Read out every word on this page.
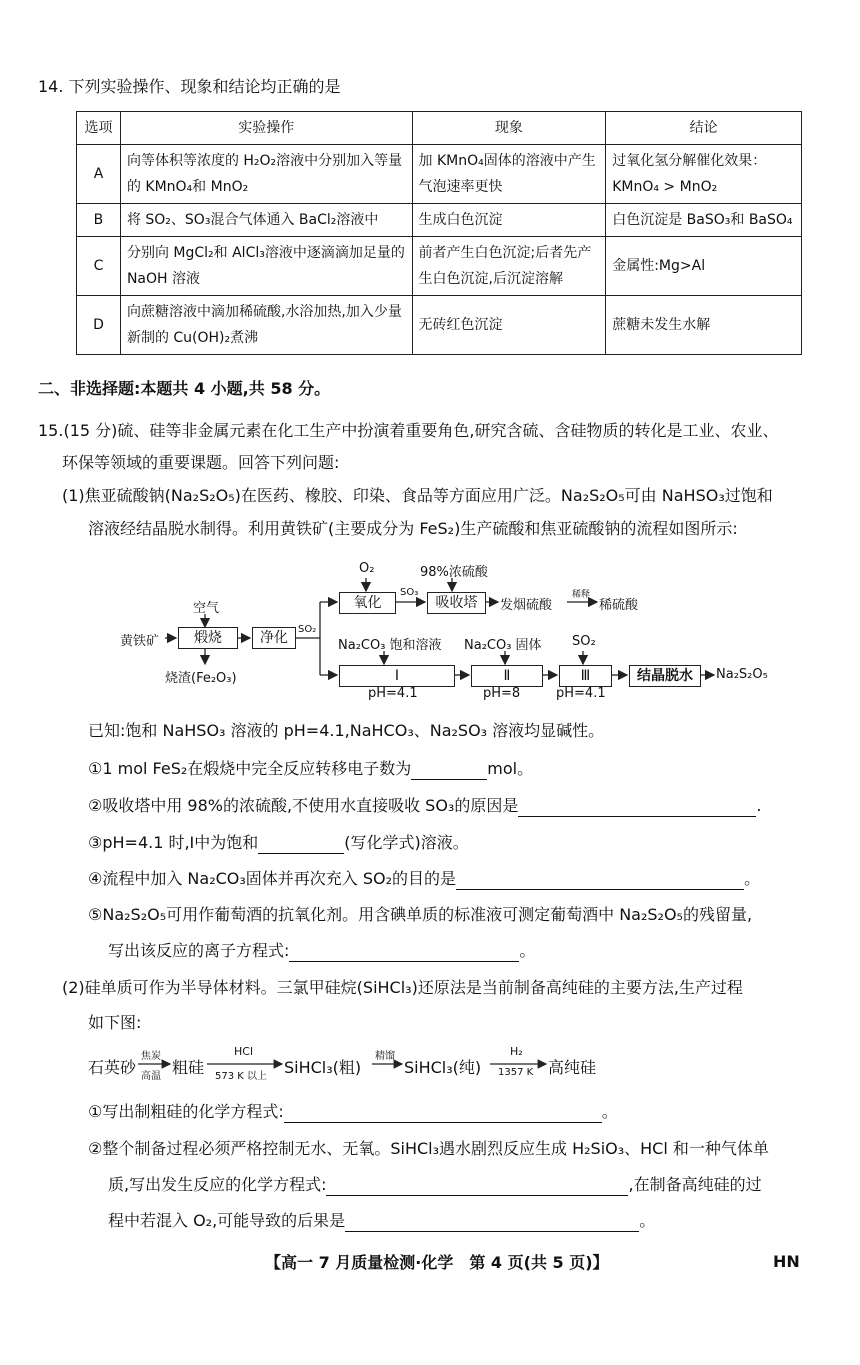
14. 下列实验操作、现象和结论均正确的是
选项	实验操作	现象	结论
A	向等体积等浓度的 H₂O₂溶液中分别加入等量的 KMnO₄和 MnO₂	加 KMnO₄固体的溶液中产生气泡速率更快	过氧化氢分解催化效果：KMnO₄ > MnO₂
B	将 SO₂、SO₃混合气体通入 BaCl₂溶液中	生成白色沉淀	白色沉淀是 BaSO₃和 BaSO₄
C	分别向 MgCl₂和 AlCl₃溶液中逐滴滴加足量的 NaOH 溶液	前者产生白色沉淀;后者先产生白色沉淀,后沉淀溶解	金属性:Mg>Al
D	向蔗糖溶液中滴加稀硫酸,水浴加热,加入少量新制的 Cu(OH)₂煮沸	无砖红色沉淀	蔗糖未发生水解
二、非选择题:本题共 4 小题,共 58 分。
15.(15 分)硫、硅等非金属元素在化工生产中扮演着重要角色,研究含硫、含硅物质的转化是工业、农业、
环保等领域的重要课题。回答下列问题:
(1)焦亚硫酸钠(Na₂S₂O₅)在医药、橡胶、印染、食品等方面应用广泛。Na₂S₂O₅可由 NaHSO₃过饱和
溶液经结晶脱水制得。利用黄铁矿(主要成分为 FeS₂)生产硫酸和焦亚硫酸钠的流程如图所示:
空气
黄铁矿	煅烧
烧渣(Fe₂O₃)
净化
SO₂
O₂
氧化
SO₃
98%浓硫酸
吸收塔	发烟硫酸
稀释
稀硫酸
Na₂CO₃ 饱和溶液 Na₂CO₃ 固体 SO₂
Ⅰ	Ⅱ	Ⅲ
pH=4.1	pH=8	pH=4.1
结晶脱水	Na₂S₂O₅
已知:饱和 NaHSO₃ 溶液的 pH=4.1,NaHCO₃、Na₂SO₃ 溶液均显碱性。
①1 mol FeS₂在煅烧中完全反应转移电子数为	mol。
②吸收塔中用 98%的浓硫酸,不使用水直接吸收 SO₃的原因是	.
③pH=4.1 时,Ⅰ中为饱和	(写化学式)溶液。
④流程中加入 Na₂CO₃固体并再次充入 SO₂的目的是	。
⑤Na₂S₂O₅可用作葡萄酒的抗氧化剂。用含碘单质的标准液可测定葡萄酒中 Na₂S₂O₅的残留量,
写出该反应的离子方程式:	。
(2)硅单质可作为半导体材料。三氯甲硅烷(SiHCl₃)还原法是当前制备高纯硅的主要方法,生产过程
如下图:
石英砂
焦炭
高温 粗硅
HCl
573 K 以上 SiHCl₃(粗)
精馏
SiHCl₃(纯)
H₂
1357 K 高纯硅
①写出制粗硅的化学方程式:	。
②整个制备过程必须严格控制无水、无氧。SiHCl₃遇水剧烈反应生成 H₂SiO₃、HCl 和一种气体单
质,写出发生反应的化学方程式:	,在制备高纯硅的过
程中若混入 O₂,可能导致的后果是	。
【高一 7 月质量检测·化学　第 4 页(共 5 页)】	HN
